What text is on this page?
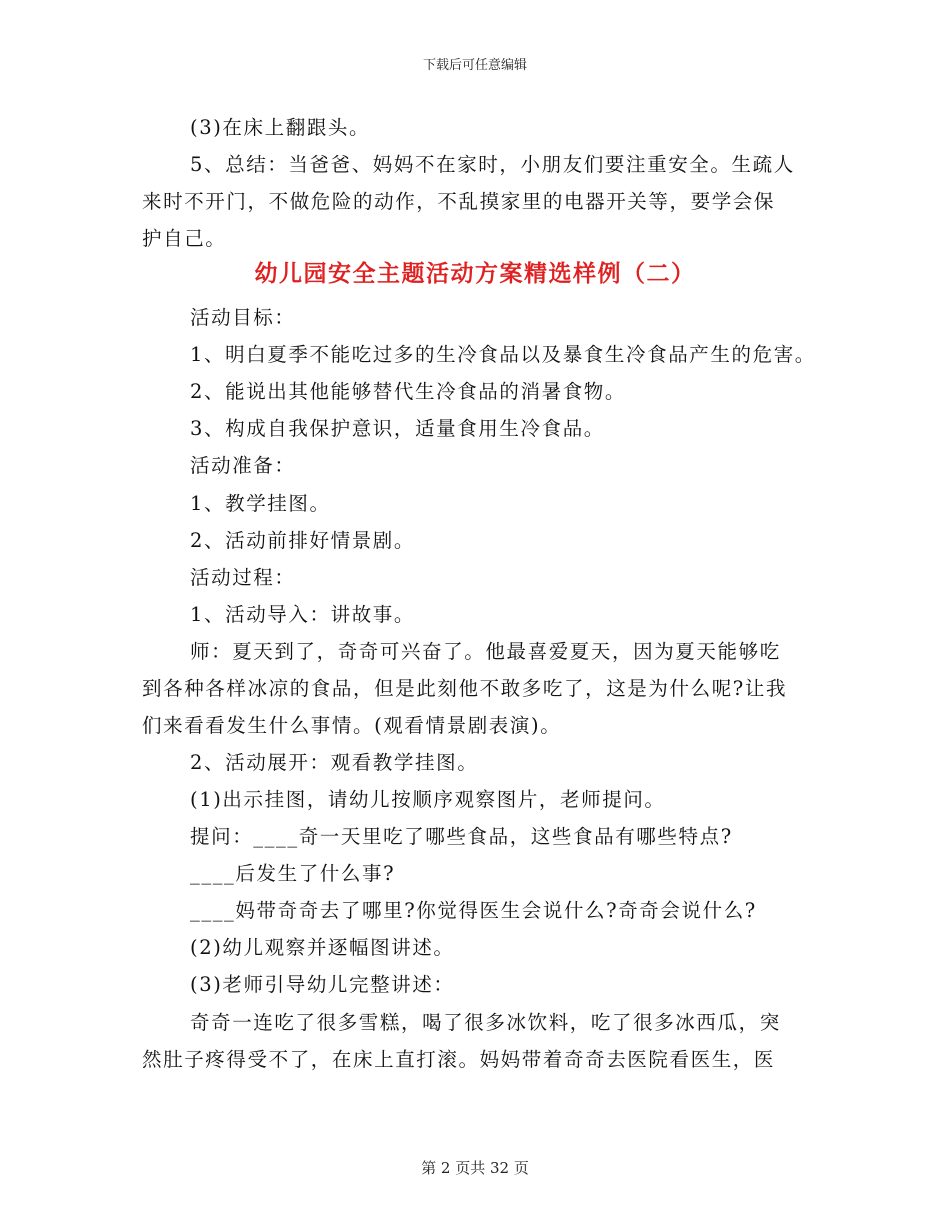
下载后可任意编辑
(3)在床上翻跟头。
5、总结：当爸爸、妈妈不在家时，小朋友们要注重安全。生疏人
来时不开门，不做危险的动作，不乱摸家里的电器开关等，要学会保
护自己。
幼儿园安全主题活动方案精选样例（二）
活动目标：
1、明白夏季不能吃过多的生冷食品以及暴食生冷食品产生的危害。
2、能说出其他能够替代生冷食品的消暑食物。
3、构成自我保护意识，适量食用生冷食品。
活动准备：
1、教学挂图。
2、活动前排好情景剧。
活动过程：
1、活动导入：讲故事。
师：夏天到了，奇奇可兴奋了。他最喜爱夏天，因为夏天能够吃
到各种各样冰凉的食品，但是此刻他不敢多吃了，这是为什么呢?让我
们来看看发生什么事情。(观看情景剧表演)。
2、活动展开：观看教学挂图。
(1)出示挂图，请幼儿按顺序观察图片，老师提问。
提问：____奇一天里吃了哪些食品，这些食品有哪些特点?
____后发生了什么事?
____妈带奇奇去了哪里?你觉得医生会说什么?奇奇会说什么?
(2)幼儿观察并逐幅图讲述。
(3)老师引导幼儿完整讲述：
奇奇一连吃了很多雪糕，喝了很多冰饮料，吃了很多冰西瓜，突
然肚子疼得受不了，在床上直打滚。妈妈带着奇奇去医院看医生，医
第 2 页共 32 页
